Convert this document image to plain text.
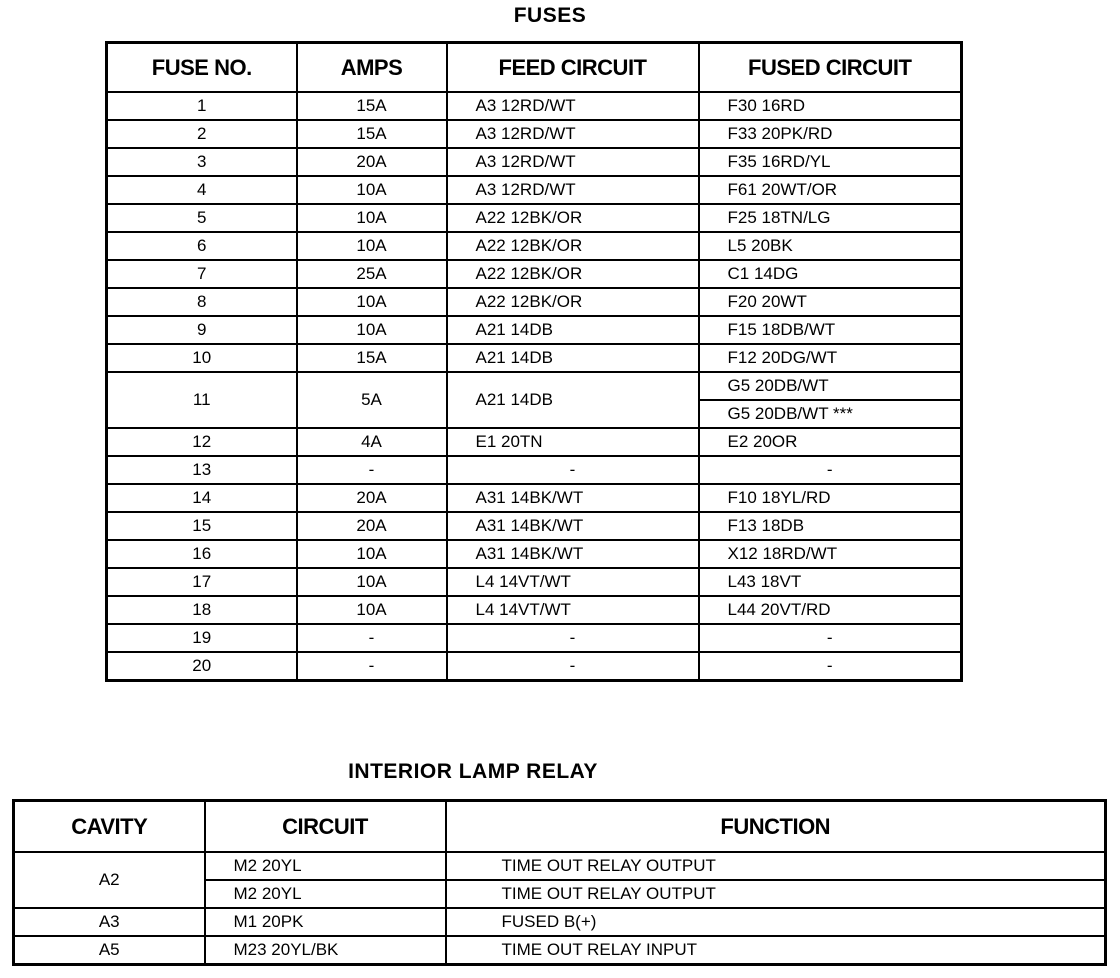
FUSES
FUSE NO.	AMPS	FEED CIRCUIT	FUSED CIRCUIT
1	15A	A3 12RD/WT	F30 16RD
2	15A	A3 12RD/WT	F33 20PK/RD
3	20A	A3 12RD/WT	F35 16RD/YL
4	10A	A3 12RD/WT	F61 20WT/OR
5	10A	A22 12BK/OR	F25 18TN/LG
6	10A	A22 12BK/OR	L5 20BK
7	25A	A22 12BK/OR	C1 14DG
8	10A	A22 12BK/OR	F20 20WT
9	10A	A21 14DB	F15 18DB/WT
10	15A	A21 14DB	F12 20DG/WT
11	5A	A21 14DB	G5 20DB/WT
			G5 20DB/WT ***
12	4A	E1 20TN	E2 20OR
13	-	-	-
14	20A	A31 14BK/WT	F10 18YL/RD
15	20A	A31 14BK/WT	F13 18DB
16	10A	A31 14BK/WT	X12 18RD/WT
17	10A	L4 14VT/WT	L43 18VT
18	10A	L4 14VT/WT	L44 20VT/RD
19	-	-	-
20	-	-	-
INTERIOR LAMP RELAY
CAVITY	CIRCUIT	FUNCTION
A2	M2 20YL	TIME OUT RELAY OUTPUT
	M2 20YL	TIME OUT RELAY OUTPUT
A3	M1 20PK	FUSED B(+)
A5	M23 20YL/BK	TIME OUT RELAY INPUT
